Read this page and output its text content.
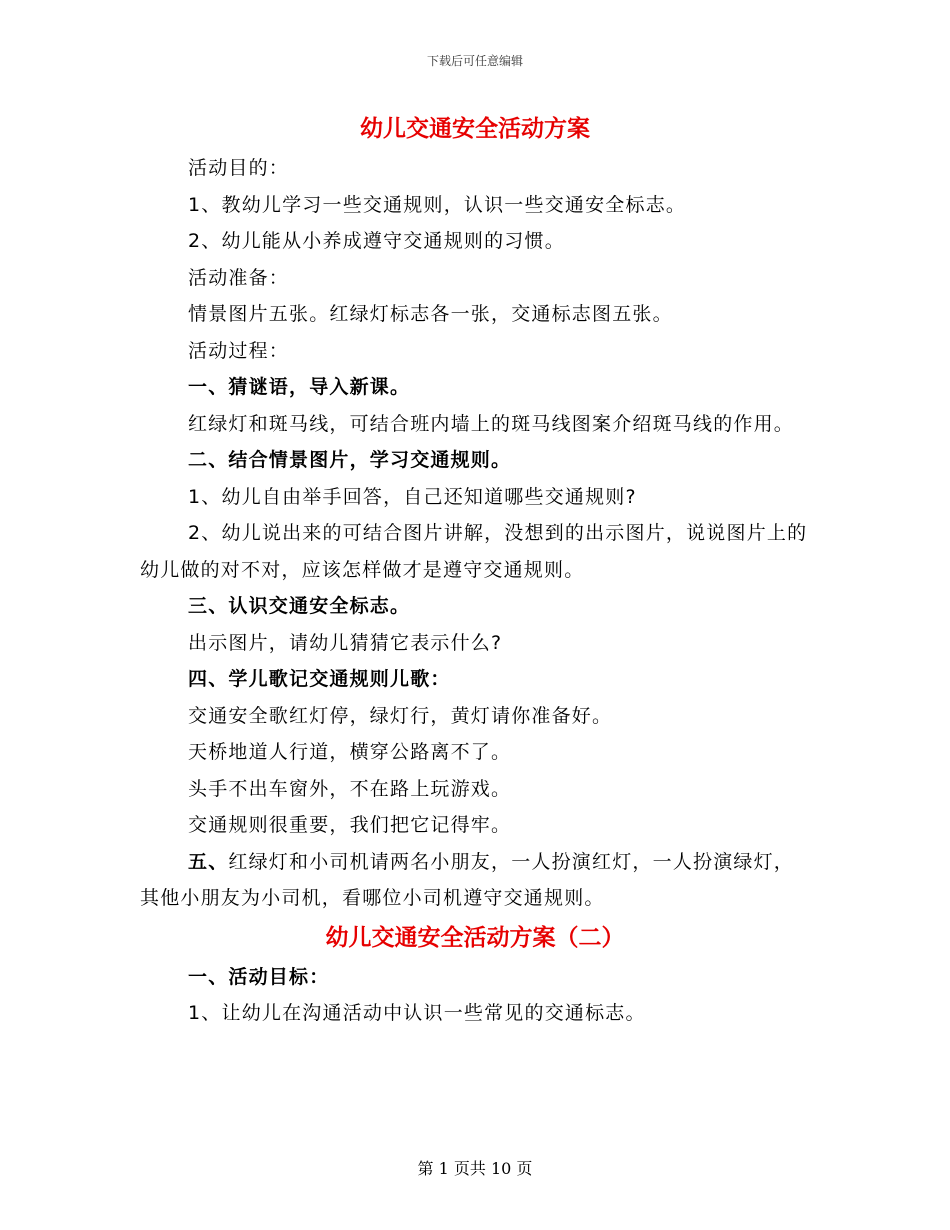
下载后可任意编辑
幼儿交通安全活动方案

活动目的：

1、教幼儿学习一些交通规则，认识一些交通安全标志。

2、幼儿能从小养成遵守交通规则的习惯。

活动准备：

情景图片五张。红绿灯标志各一张，交通标志图五张。

活动过程：

一、猜谜语，导入新课。

红绿灯和斑马线，可结合班内墙上的斑马线图案介绍斑马线的作用。

二、结合情景图片，学习交通规则。

1、幼儿自由举手回答，自己还知道哪些交通规则?

2、幼儿说出来的可结合图片讲解，没想到的出示图片，说说图片上的幼儿做的对不对，应该怎样做才是遵守交通规则。

三、认识交通安全标志。

出示图片，请幼儿猜猜它表示什么?

四、学儿歌记交通规则儿歌：

交通安全歌红灯停，绿灯行，黄灯请你准备好。

天桥地道人行道，横穿公路离不了。

头手不出车窗外，不在路上玩游戏。

交通规则很重要，我们把它记得牢。

五、红绿灯和小司机请两名小朋友，一人扮演红灯，一人扮演绿灯，其他小朋友为小司机，看哪位小司机遵守交通规则。

幼儿交通安全活动方案（二）

一、活动目标：

1、让幼儿在沟通活动中认识一些常见的交通标志。

第 1 页共 10 页
